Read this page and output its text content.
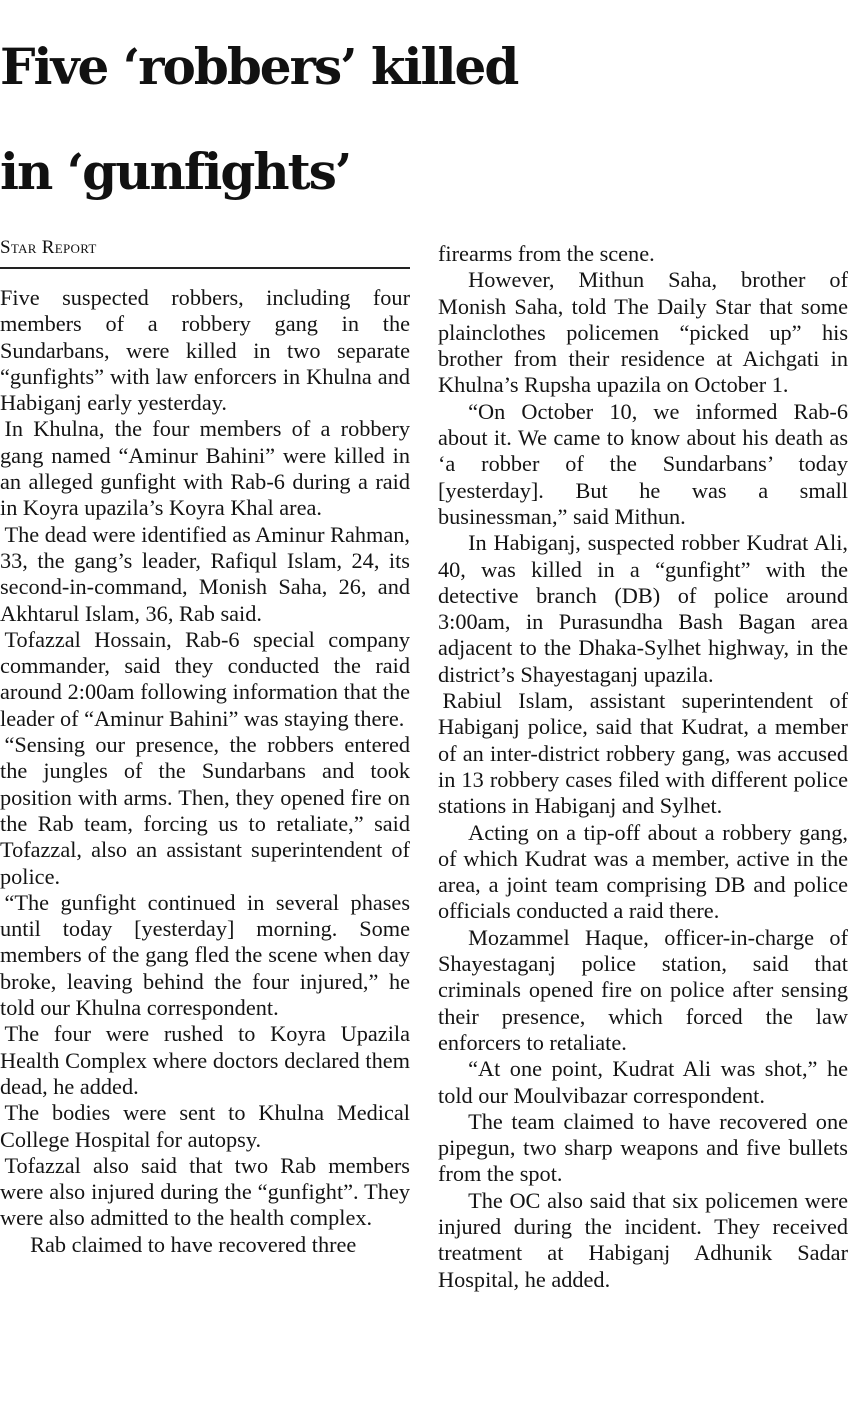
Five ‘robbers’ killed
in ‘gunfights’
Star Report

Five suspected robbers, including four members of a robbery gang in the Sundarbans, were killed in two separate “gunfights” with law enforcers in Khulna and Habiganj early yesterday.

In Khulna, the four members of a robbery gang named “Aminur Bahini” were killed in an alleged gunfight with Rab-6 during a raid in Koyra upazila’s Koyra Khal area.

The dead were identified as Aminur Rahman, 33, the gang’s leader, Rafiqul Islam, 24, its second-in-command, Monish Saha, 26, and Akhtarul Islam, 36, Rab said.

Tofazzal Hossain, Rab-6 special company commander, said they conducted the raid around 2:00am following information that the leader of “Aminur Bahini” was staying there.

“Sensing our presence, the robbers entered the jungles of the Sundarbans and took position with arms. Then, they opened fire on the Rab team, forcing us to retaliate,” said Tofazzal, also an assistant superintendent of police.

“The gunfight continued in several phases until today [yesterday] morning. Some members of the gang fled the scene when day broke, leaving behind the four injured,” he told our Khulna correspondent.

The four were rushed to Koyra Upazila Health Complex where doctors declared them dead, he added.

The bodies were sent to Khulna Medical College Hospital for autopsy.

Tofazzal also said that two Rab members were also injured during the “gunfight”. They were also admitted to the health complex.

Rab claimed to have recovered three

firearms from the scene.

However, Mithun Saha, brother of Monish Saha, told The Daily Star that some plainclothes policemen “picked up” his brother from their residence at Aichgati in Khulna’s Rupsha upazila on October 1.

“On October 10, we informed Rab-6 about it. We came to know about his death as ‘a robber of the Sundarbans’ today [yesterday]. But he was a small businessman,” said Mithun.

In Habiganj, suspected robber Kudrat Ali, 40, was killed in a “gunfight” with the detective branch (DB) of police around 3:00am, in Purasundha Bash Bagan area adjacent to the Dhaka-Sylhet highway, in the district’s Shayestaganj upazila.

Rabiul Islam, assistant superintendent of Habiganj police, said that Kudrat, a member of an inter-district robbery gang, was accused in 13 robbery cases filed with different police stations in Habiganj and Sylhet.

Acting on a tip-off about a robbery gang, of which Kudrat was a member, active in the area, a joint team comprising DB and police officials conducted a raid there.

Mozammel Haque, officer-in-charge of Shayestaganj police station, said that criminals opened fire on police after sensing their presence, which forced the law enforcers to retaliate.

“At one point, Kudrat Ali was shot,” he told our Moulvibazar correspondent.

The team claimed to have recovered one pipegun, two sharp weapons and five bullets from the spot.

The OC also said that six policemen were injured during the incident. They received treatment at Habiganj Adhunik Sadar Hospital, he added.
